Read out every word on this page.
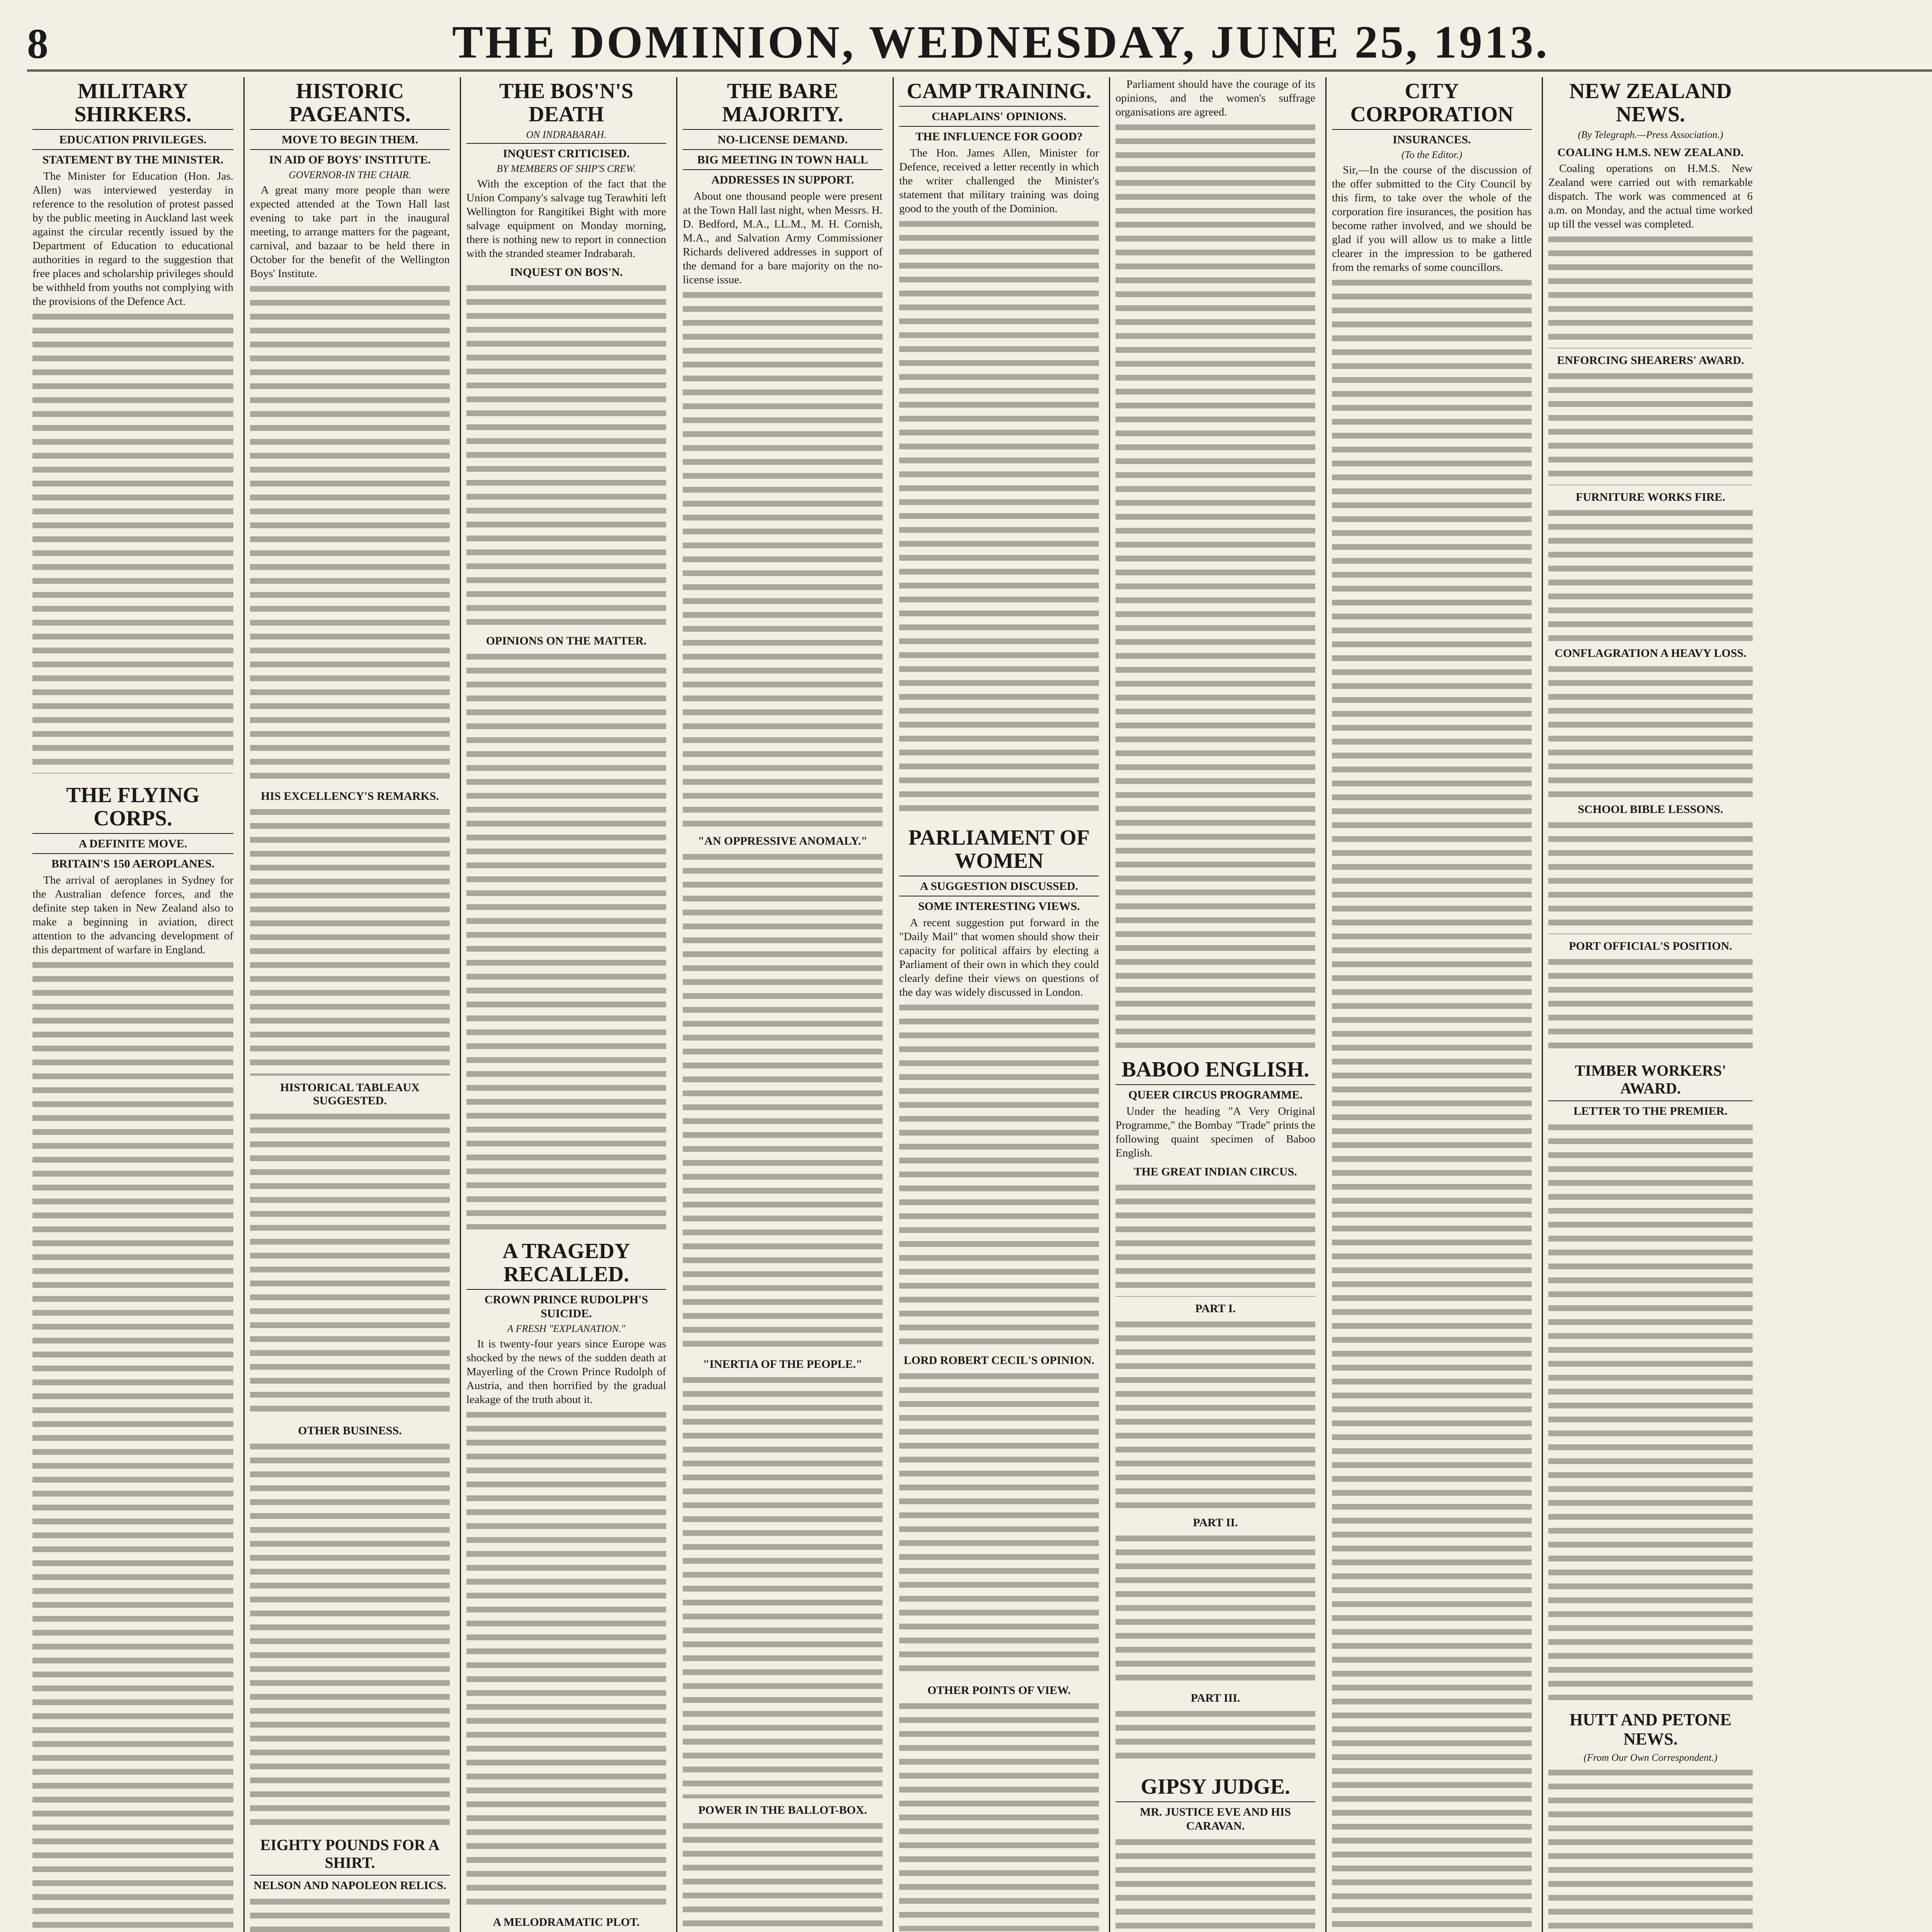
8	THE DOMINION, WEDNESDAY, JUNE 25, 1913.
MILITARY SHIRKERS.
EDUCATION PRIVILEGES.
STATEMENT BY THE MINISTER.

The Minister for Education (Hon. Jas. Allen) was interviewed yesterday in reference to the resolution of protest passed by the public meeting in Auckland last week against the circular recently issued by the Department of Education to educational authorities in regard to the suggestion that free places and scholarship privileges should be withheld from youths not complying with the provisions of the Defence Act.

THE FLYING CORPS.
A DEFINITE MOVE.
BRITAIN'S 150 AEROPLANES.

The arrival of aeroplanes in Sydney for the Australian defence forces, and the definite step taken in New Zealand also to make a beginning in aviation, direct attention to the advancing development of this department of warfare in England.

HISTORIC PAGEANTS.
MOVE TO BEGIN THEM.
IN AID OF BOYS' INSTITUTE.
GOVERNOR-IN THE CHAIR.

A great many more people than were expected attended at the Town Hall last evening to take part in the inaugural meeting, to arrange matters for the pageant, carnival, and bazaar to be held there in October for the benefit of the Wellington Boys' Institute.

HIS EXCELLENCY'S REMARKS.
HISTORICAL TABLEAUX SUGGESTED.
OTHER BUSINESS.
EIGHTY POUNDS FOR A SHIRT.
NELSON AND NAPOLEON RELICS.
THE BOS'N'S DEATH
ON INDRABARAH.
INQUEST CRITICISED.
BY MEMBERS OF SHIP'S CREW.

With the exception of the fact that the Union Company's salvage tug Terawhiti left Wellington for Rangitikei Bight with more salvage equipment on Monday morning, there is nothing new to report in connection with the stranded steamer Indrabarah.

INQUEST ON BOS'N.
OPINIONS ON THE MATTER.
A TRAGEDY RECALLED.
CROWN PRINCE RUDOLPH'S SUICIDE.
A FRESH "EXPLANATION."

It is twenty-four years since Europe was shocked by the news of the sudden death at Mayerling of the Crown Prince Rudolph of Austria, and then horrified by the gradual leakage of the truth about it.

A MELODRAMATIC PLOT.
THE BARE MAJORITY.
NO-LICENSE DEMAND.
BIG MEETING IN TOWN HALL
ADDRESSES IN SUPPORT.

About one thousand people were present at the Town Hall last night, when Messrs. H. D. Bedford, M.A., LL.M., M. H. Cornish, M.A., and Salvation Army Commissioner Richards delivered addresses in support of the demand for a bare majority on the no-license issue.

"AN OPPRESSIVE ANOMALY."
"INERTIA OF THE PEOPLE."
POWER IN THE BALLOT-BOX.
CAMP TRAINING.
CHAPLAINS' OPINIONS.
THE INFLUENCE FOR GOOD?

The Hon. James Allen, Minister for Defence, received a letter recently in which the writer challenged the Minister's statement that military training was doing good to the youth of the Dominion.

PARLIAMENT OF WOMEN
A SUGGESTION DISCUSSED.
SOME INTERESTING VIEWS.

A recent suggestion put forward in the "Daily Mail" that women should show their capacity for political affairs by electing a Parliament of their own in which they could clearly define their views on questions of the day was widely discussed in London.

LORD ROBERT CECIL'S OPINION.
OTHER POINTS OF VIEW.

Parliament should have the courage of its opinions, and the women's suffrage organisations are agreed.

BABOO ENGLISH.
QUEER CIRCUS PROGRAMME.

Under the heading "A Very Original Programme," the Bombay "Trade" prints the following quaint specimen of Baboo English.

THE GREAT INDIAN CIRCUS.
PART I.
PART II.
PART III.
GIPSY JUDGE.
MR. JUSTICE EVE AND HIS CARAVAN.
CITY CORPORATION
INSURANCES.
(To the Editor.)

Sir,—In the course of the discussion of the offer submitted to the City Council by this firm, to take over the whole of the corporation fire insurances, the position has become rather involved, and we should be glad if you will allow us to make a little clearer in the impression to be gathered from the remarks of some councillors.

NEW ZEALAND NEWS.
(By Telegraph.—Press Association.)
COALING H.M.S. NEW ZEALAND.

Coaling operations on H.M.S. New Zealand were carried out with remarkable dispatch. The work was commenced at 6 a.m. on Monday, and the actual time worked up till the vessel was completed.

ENFORCING SHEARERS' AWARD.
FURNITURE WORKS FIRE.
CONFLAGRATION A HEAVY LOSS.
SCHOOL BIBLE LESSONS.
PORT OFFICIAL'S POSITION.
TIMBER WORKERS' AWARD.
LETTER TO THE PREMIER.
HUTT AND PETONE NEWS.
(From Our Own Correspondent.)
